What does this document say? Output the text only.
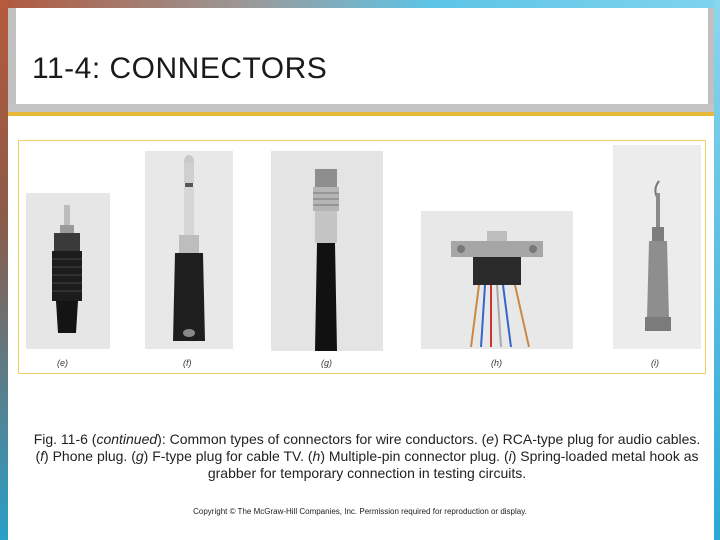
11-4: CONNECTORS
(e)	(f)	(g)	(h)	(i)
Fig. 11-6 (continued): Common types of connectors for wire conductors. (e) RCA-type plug for audio cables. (f) Phone plug. (g) F-type plug for cable TV. (h) Multiple-pin connector plug. (i) Spring-loaded metal hook as grabber for temporary connection in testing circuits.
Copyright © The McGraw-Hill Companies, Inc. Permission required for reproduction or display.
